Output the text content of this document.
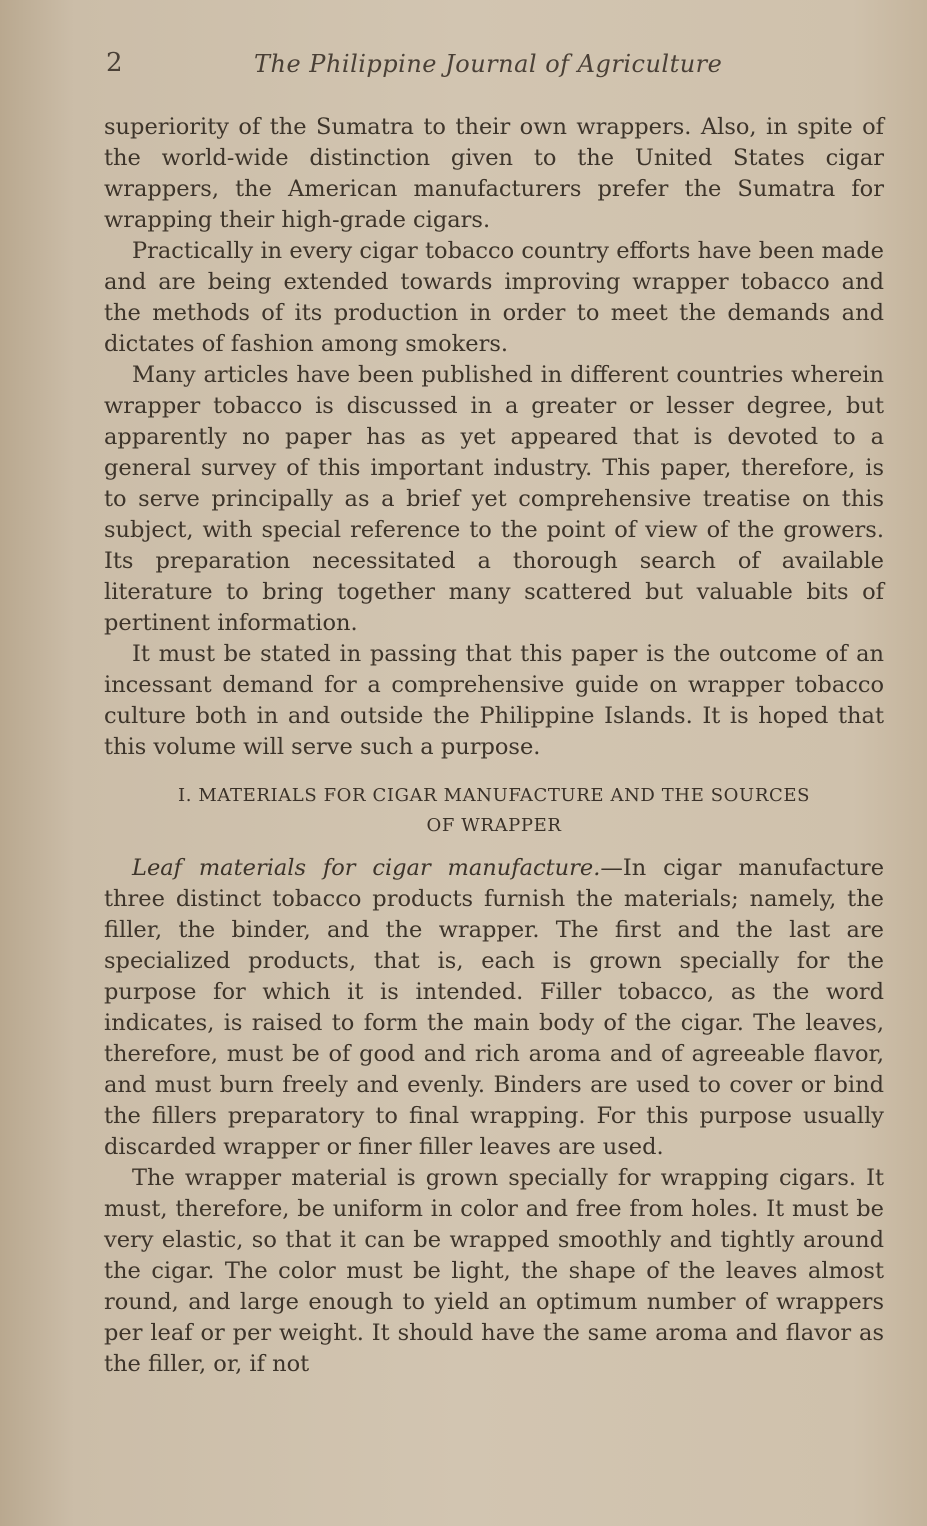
2	The Philippine Journal of Agriculture

superiority of the Sumatra to their own wrappers. Also, in spite of the world-wide distinction given to the United States cigar wrappers, the American manufacturers prefer the Sumatra for wrapping their high-grade cigars.

Practically in every cigar tobacco country efforts have been made and are being extended towards improving wrapper tobacco and the methods of its production in order to meet the demands and dictates of fashion among smokers.

Many articles have been published in different countries wherein wrapper tobacco is discussed in a greater or lesser degree, but apparently no paper has as yet appeared that is devoted to a general survey of this important industry. This paper, therefore, is to serve principally as a brief yet comprehensive treatise on this subject, with special reference to the point of view of the growers. Its preparation necessitated a thorough search of available literature to bring together many scattered but valuable bits of pertinent information.

It must be stated in passing that this paper is the outcome of an incessant demand for a comprehensive guide on wrapper tobacco culture both in and outside the Philippine Islands. It is hoped that this volume will serve such a purpose.

I. MATERIALS FOR CIGAR MANUFACTURE AND THE SOURCES
OF WRAPPER

Leaf materials for cigar manufacture.—In cigar manufacture three distinct tobacco products furnish the materials; namely, the filler, the binder, and the wrapper. The first and the last are specialized products, that is, each is grown specially for the purpose for which it is intended. Filler tobacco, as the word indicates, is raised to form the main body of the cigar. The leaves, therefore, must be of good and rich aroma and of agreeable flavor, and must burn freely and evenly. Binders are used to cover or bind the fillers preparatory to final wrapping. For this purpose usually discarded wrapper or finer filler leaves are used.

The wrapper material is grown specially for wrapping cigars. It must, therefore, be uniform in color and free from holes. It must be very elastic, so that it can be wrapped smoothly and tightly around the cigar. The color must be light, the shape of the leaves almost round, and large enough to yield an optimum number of wrappers per leaf or per weight. It should have the same aroma and flavor as the filler, or, if not
